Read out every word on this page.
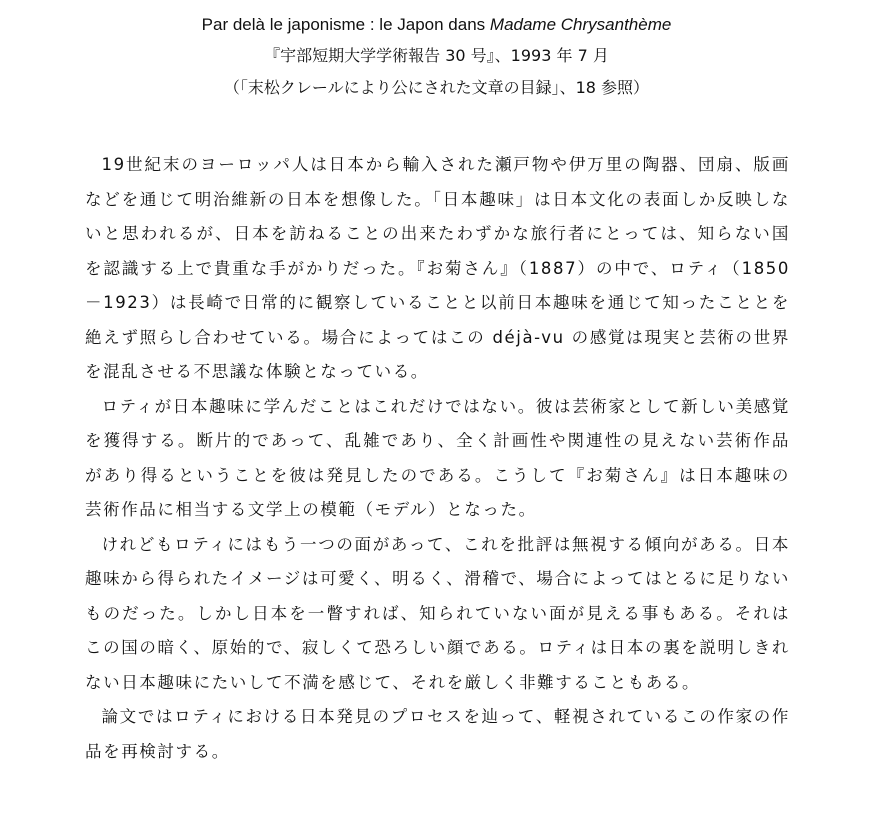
Par delà le japonisme : le Japon dans Madame Chrysanthème
『宇部短期大学学術報告 30 号』、1993 年 7 月
（「末松クレールにより公にされた文章の目録」、18 参照）

19世紀末のヨーロッパ人は日本から輸入された瀬戸物や伊万里の陶器、団扇、版画などを通じて明治維新の日本を想像した。「日本趣味」は日本文化の表面しか反映しないと思われるが、日本を訪ねることの出来たわずかな旅行者にとっては、知らない国を認識する上で貴重な手がかりだった。『お菊さん』（1887）の中で、ロティ（1850－1923）は長崎で日常的に観察していることと以前日本趣味を通じて知ったこととを絶えず照らし合わせている。場合によってはこの déjà-vu の感覚は現実と芸術の世界を混乱させる不思議な体験となっている。

ロティが日本趣味に学んだことはこれだけではない。彼は芸術家として新しい美感覚を獲得する。断片的であって、乱雑であり、全く計画性や関連性の見えない芸術作品があり得るということを彼は発見したのである。こうして『お菊さん』は日本趣味の芸術作品に相当する文学上の模範（モデル）となった。

けれどもロティにはもう一つの面があって、これを批評は無視する傾向がある。日本趣味から得られたイメージは可愛く、明るく、滑稽で、場合によってはとるに足りないものだった。しかし日本を一瞥すれば、知られていない面が見える事もある。それはこの国の暗く、原始的で、寂しくて恐ろしい顔である。ロティは日本の裏を説明しきれない日本趣味にたいして不満を感じて、それを厳しく非難することもある。

論文ではロティにおける日本発見のプロセスを辿って、軽視されているこの作家の作品を再検討する。
